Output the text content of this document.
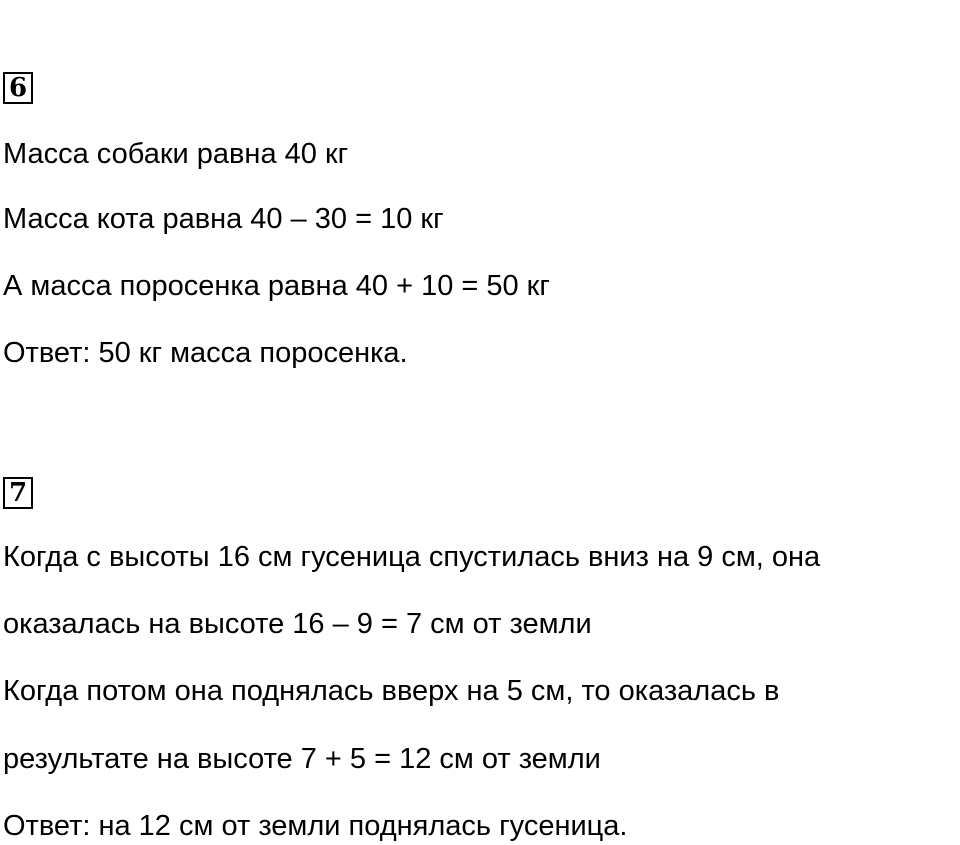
6

Масса собаки равна 40 кг

Масса кота равна 40 – 30 = 10 кг

А масса поросенка равна 40 + 10 = 50 кг

Ответ: 50 кг масса поросенка.

7

Когда с высоты 16 см гусеница спустилась вниз на 9 см, она

оказалась на высоте 16 – 9 = 7 см от земли

Когда потом она поднялась вверх на 5 см, то оказалась в

результате на высоте 7 + 5 = 12 см от земли

Ответ: на 12 см от земли поднялась гусеница.
